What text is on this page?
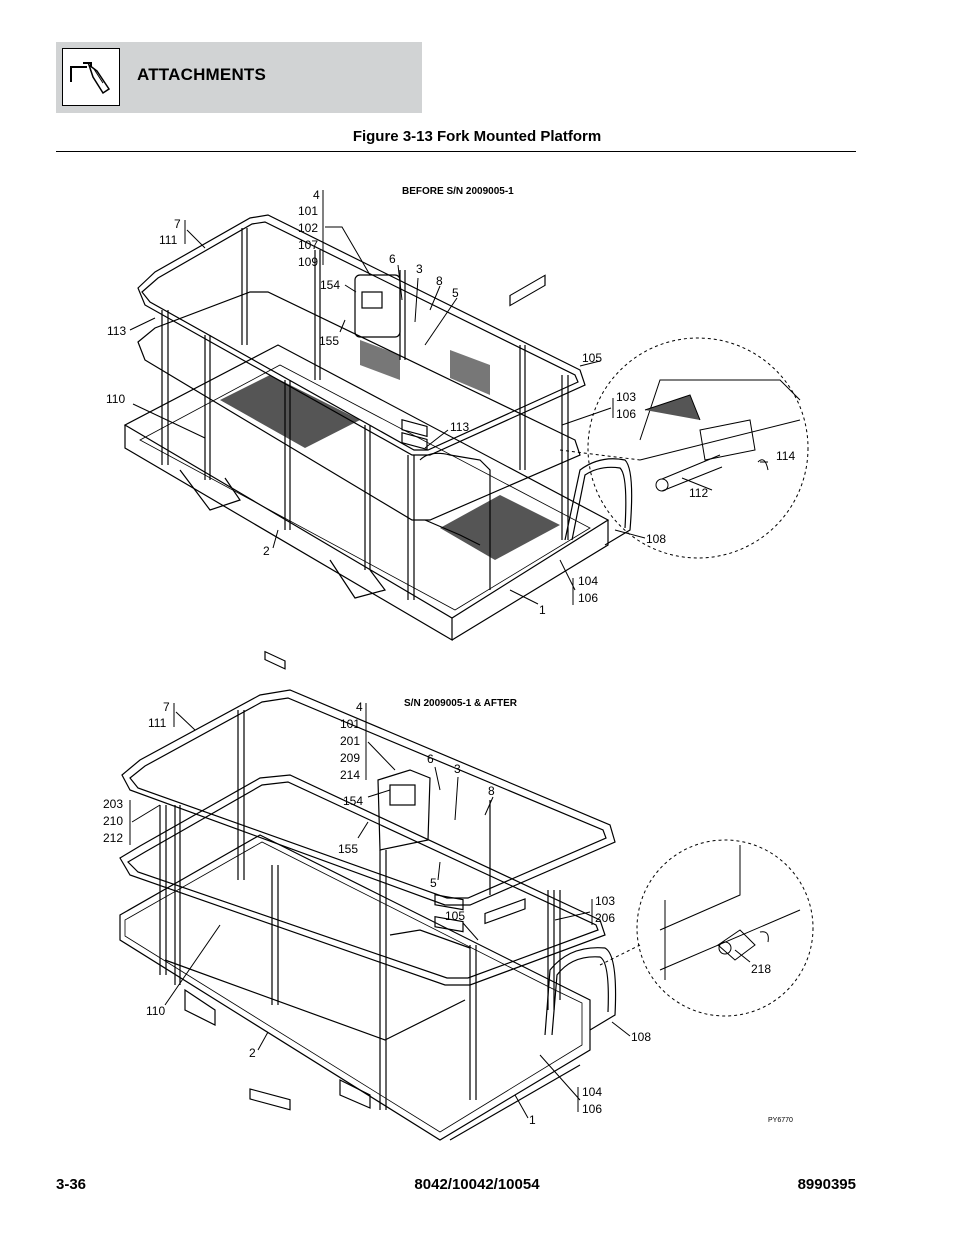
ATTACHMENTS
Figure 3-13 Fork Mounted Platform
BEFORE S/N 2009005-1
4
101
102
107
109
7
111
6
3
8
5
154
113
155
105
103
106
110
113
114
112
108
2
104
106
1
S/N 2009005-1 & AFTER
7
111
4
101
201
209
214
6
3
8
203
210
212
154
155
5
105
103
206
218
110
108
2
104
106
1	PY6770
3-36	8042/10042/10054	8990395
